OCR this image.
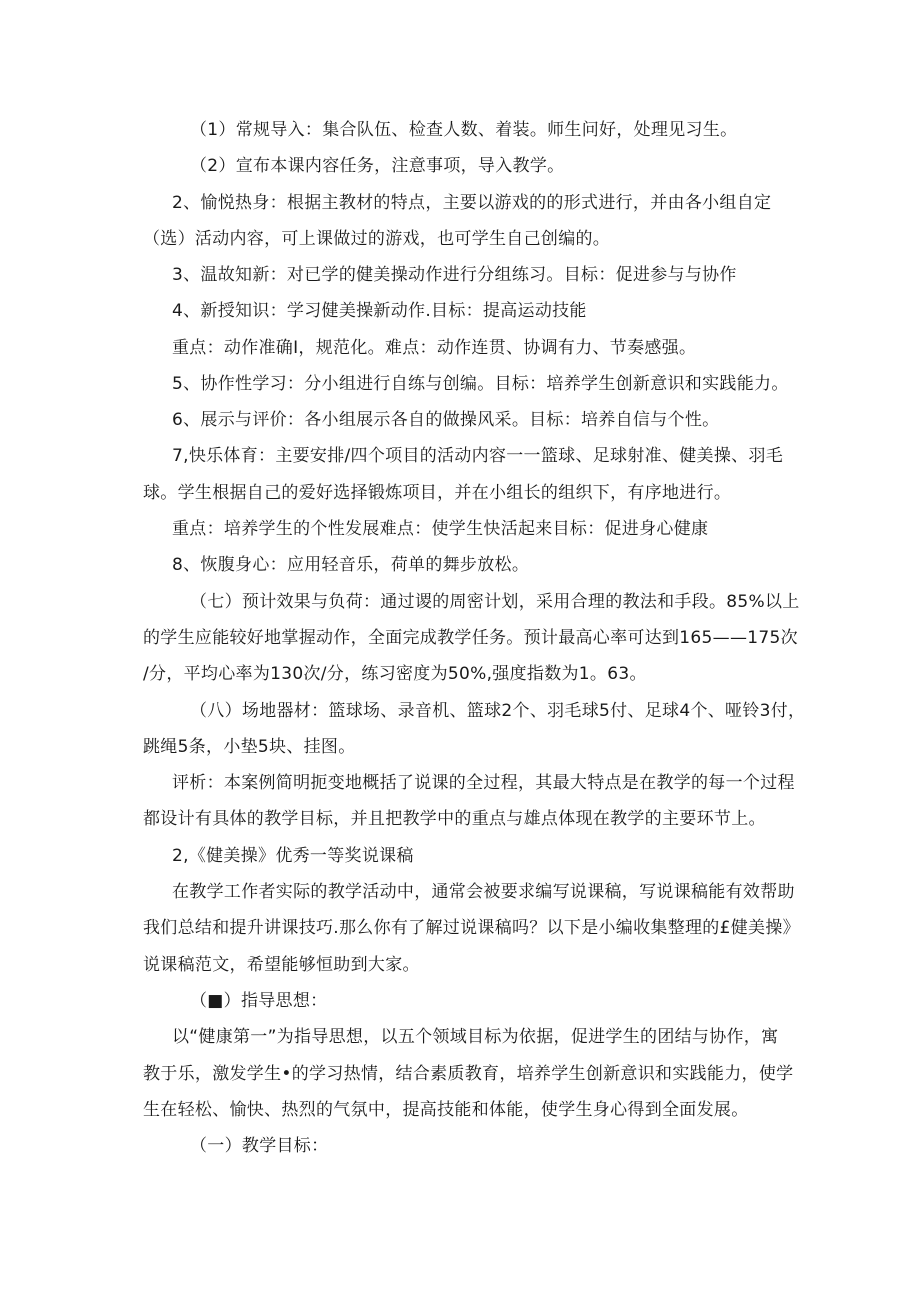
（1）常规导入：集合队伍、检查人数、着装。师生问好，处理见习生。
（2）宣布本课内容任务，注意事项，导入教学。
2、愉悦热身：根据主教材的特点，主要以游戏的的形式进行，并由各小组自定
（选）活动内容，可上课做过的游戏，也可学生自己创编的。
3、温故知新：对已学的健美操动作进行分组练习。目标：促进参与与协作
4、新授知识：学习健美操新动作.目标：提高运动技能
重点：动作准确I，规范化。难点：动作连贯、协调有力、节奏感强。
5、协作性学习：分小组进行自练与创编。目标：培养学生创新意识和实践能力。
6、展示与评价：各小组展示各自的做操风采。目标：培养自信与个性。
7,快乐体育：主要安排/四个项目的活动内容一一篮球、足球射准、健美操、羽毛
球。学生根据自己的爱好选择锻炼项目，并在小组长的组织下，有序地进行。
重点：培养学生的个性发展难点：使学生快活起来目标：促进身心健康
8、恢腹身心：应用轻音乐，荷单的舞步放松。
（七）预计效果与负荷：通过谡的周密计划，采用合理的教法和手段。85%以上
的学生应能较好地掌握动作，全面完成教学任务。预计最高心率可达到165——175次
/分，平均心率为130次/分，练习密度为50%,强度指数为1。63。
（八）场地器材：篮球场、录音机、篮球2个、羽毛球5付、足球4个、哑铃3付，
跳绳5条，小垫5块、挂图。
评析：本案例简明扼变地概括了说课的全过程，其最大特点是在教学的每一个过程
都设计有具体的教学目标，并且把教学中的重点与雄点体现在教学的主要环节上。
2,《健美操》优秀一等奖说课稿
在教学工作者实际的教学活动中，通常会被要求编写说课稿，写说课稿能有效帮助
我们总结和提升讲课技巧.那么你有了解过说课稿吗？以下是小编收集整理的£健美操》
说课稿范文，希望能够恒助到大家。
（■）指导思想：
以“健康第一”为指导思想，以五个领域目标为依据，促进学生的团结与协作，寓
教于乐，激发学生•的学习热情，结合素质教育，培养学生创新意识和实践能力，使学
生在轻松、愉快、热烈的气氛中，提高技能和体能，使学生身心得到全面发展。
（一）教学目标：
